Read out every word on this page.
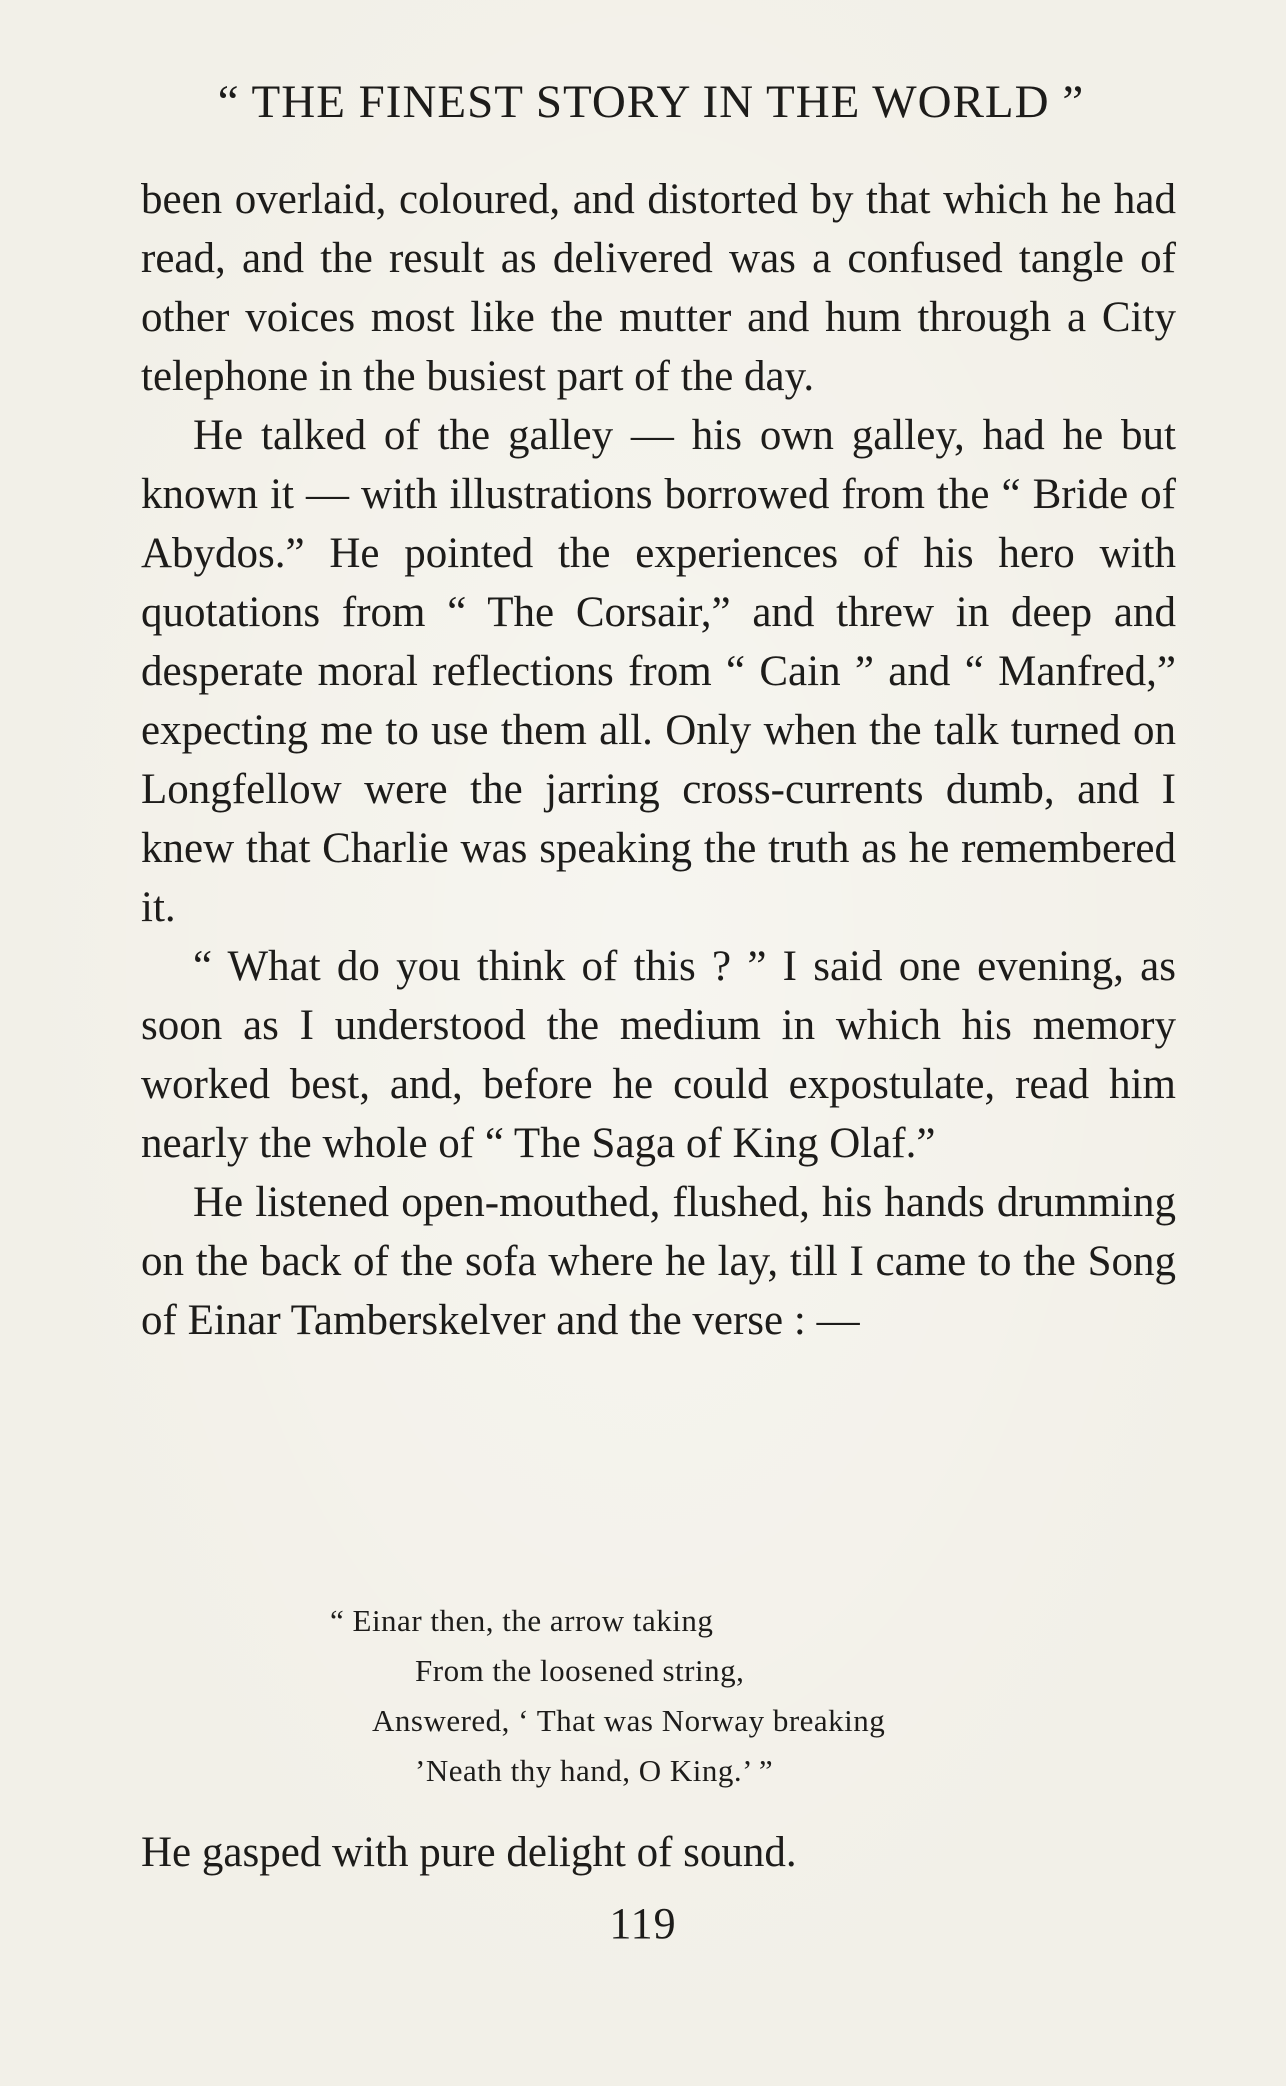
“ THE FINEST STORY IN THE WORLD ”

been overlaid, coloured, and distorted by that which he had read, and the result as delivered was a confused tangle of other voices most like the mutter and hum through a City telephone in the busiest part of the day.

He talked of the galley — his own galley, had he but known it — with illustrations borrowed from the “ Bride of Abydos.” He pointed the experiences of his hero with quotations from “ The Corsair,” and threw in deep and desperate moral reflections from “ Cain ” and “ Manfred,” expecting me to use them all. Only when the talk turned on Longfellow were the jarring cross-currents dumb, and I knew that Charlie was speaking the truth as he remembered it.

“ What do you think of this ? ” I said one evening, as soon as I understood the medium in which his memory worked best, and, before he could expostulate, read him nearly the whole of “ The Saga of King Olaf.”

He listened open-mouthed, flushed, his hands drumming on the back of the sofa where he lay, till I came to the Song of Einar Tamberskelver and the verse : —

“ Einar then, the arrow taking
From the loosened string,
Answered, ‘ That was Norway breaking
’Neath thy hand, O King.’ ”
He gasped with pure delight of sound.
119
